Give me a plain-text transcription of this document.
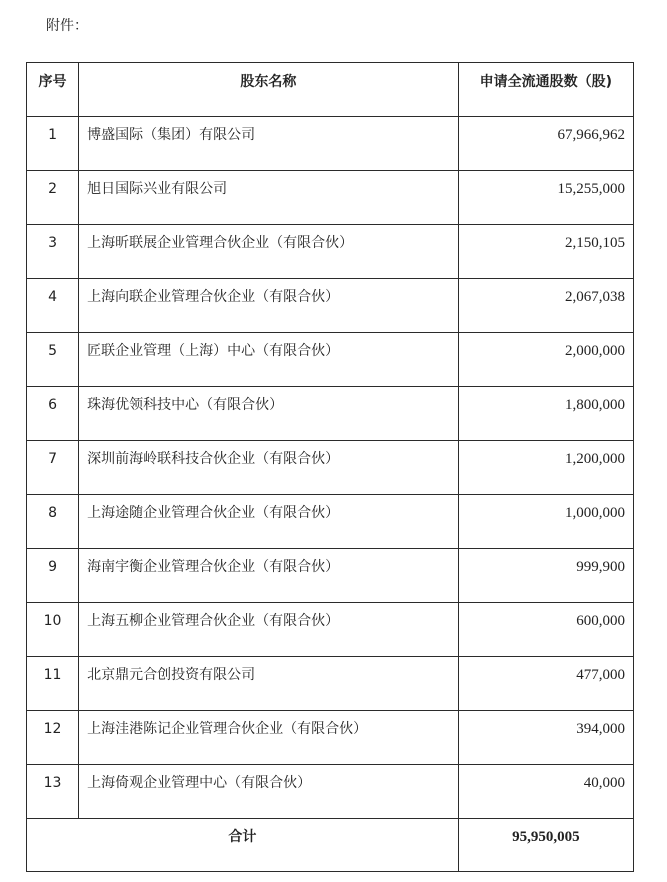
附件：
序号	股东名称	申请全流通股数（股)

1	博盛国际（集团）有限公司	67,966,962

2	旭日国际兴业有限公司	15,255,000

3	上海昕联展企业管理合伙企业（有限合伙）	2,150,105

4	上海向联企业管理合伙企业（有限合伙）	2,067,038

5	匠联企业管理（上海）中心（有限合伙）	2,000,000

6	珠海优领科技中心（有限合伙）	1,800,000

7	深圳前海岭联科技合伙企业（有限合伙）	1,200,000

8	上海途随企业管理合伙企业（有限合伙）	1,000,000

9	海南宇衡企业管理合伙企业（有限合伙）	999,900

10	上海五柳企业管理合伙企业（有限合伙）	600,000

11	北京鼎元合创投资有限公司	477,000

12	上海洼港陈记企业管理合伙企业（有限合伙）	394,000

13	上海倚观企业管理中心（有限合伙）	40,000

合计		95,950,005
